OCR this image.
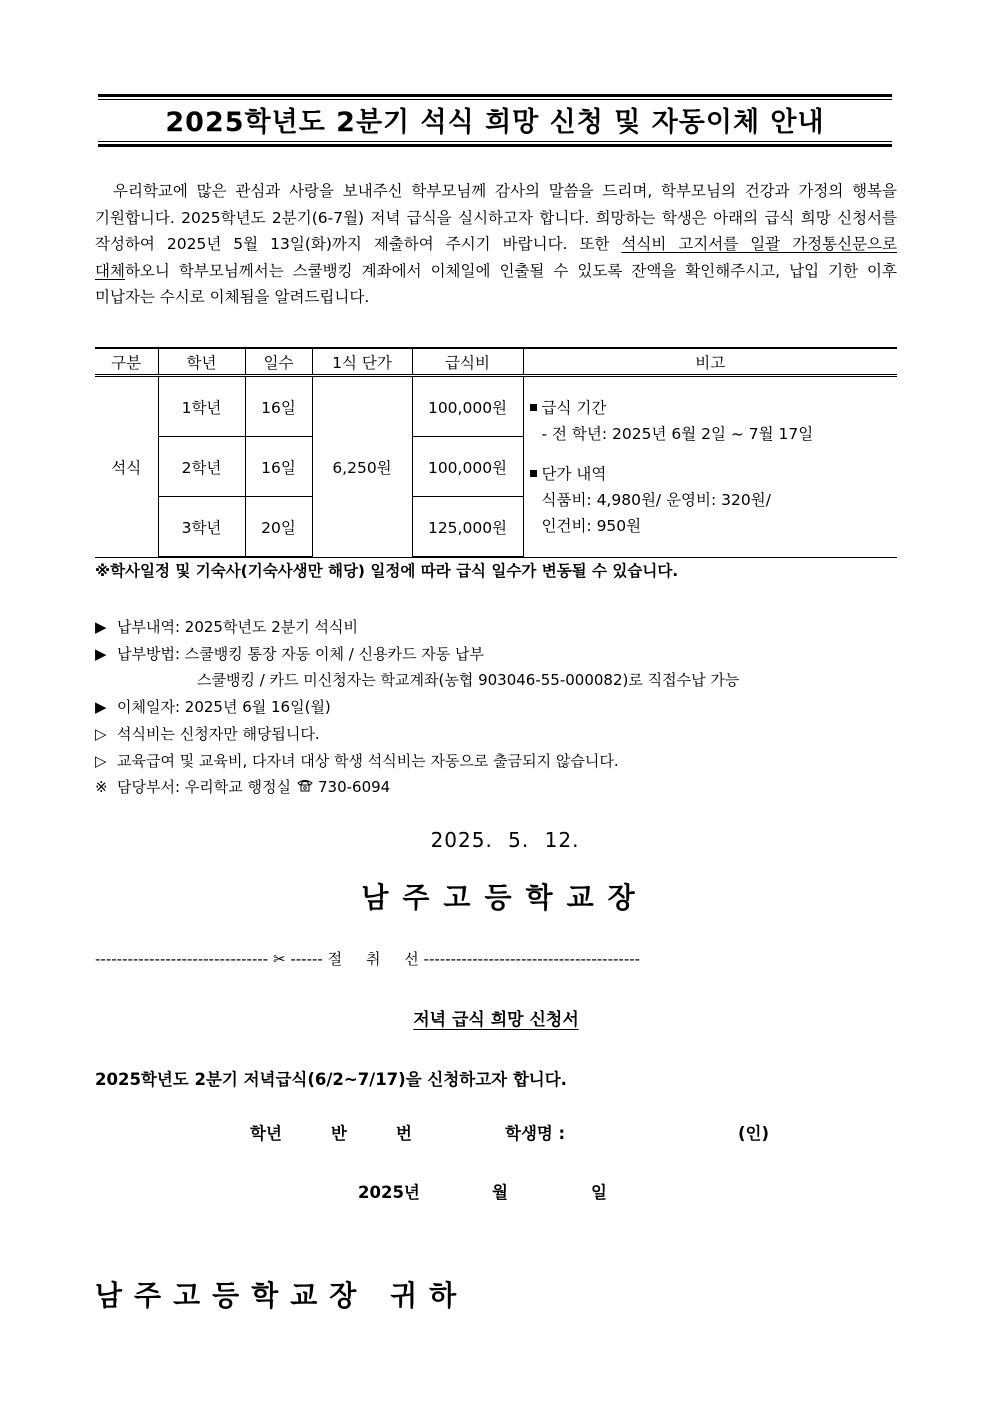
2025학년도 2분기 석식 희망 신청 및 자동이체 안내
우리학교에 많은 관심과 사랑을 보내주신 학부모님께 감사의 말씀을 드리며, 학부모님의 건강과 가정의 행복을 기원합니다. 2025학년도 2분기(6-7월) 저녁 급식을 실시하고자 합니다. 희망하는 학생은 아래의 급식 희망 신청서를 작성하여 2025년 5월 13일(화)까지 제출하여 주시기 바랍니다. 또한 석식비 고지서를 일괄 가정통신문으로 대체하오니 학부모님께서는 스쿨뱅킹 계좌에서 이체일에 인출될 수 있도록 잔액을 확인해주시고, 납입 기한 이후 미납자는 수시로 이체됨을 알려드립니다.
구분	학년	일수	1식 단가	급식비	비고
석식	1학년	16일	6,250원	100,000원	급식 기간
- 전 학년: 2025년 6월 2일 ~ 7월 17일
단가 내역
식품비: 4,980원/ 운영비: 320원/
인건비: 950원

	2학년	16일		100,000원	
	3학년	20일		125,000원	
※학사일정 및 기숙사(기숙사생만 해당) 일정에 따라 급식 일수가 변동될 수 있습니다.
▶ 납부내역: 2025학년도 2분기 석식비
▶ 납부방법: 스쿨뱅킹 통장 자동 이체 / 신용카드 자동 납부
스쿨뱅킹 / 카드 미신청자는 학교계좌(농협 903046-55-000082)로 직접수납 가능
▶ 이체일자: 2025년 6월 16일(월)
▷ 석식비는 신청자만 해당됩니다.
▷ 교육급여 및 교육비, 다자녀 대상 학생 석식비는 자동으로 출금되지 않습니다.
※ 담당부서: 우리학교 행정실 730-6094
2025. 5. 12.
남주고등학교장
-------------------------------- ✂ ------ 절     취     선 ----------------------------------------
저녁 급식 희망 신청서
2025학년도 2분기 저녁급식(6/2~7/17)을 신청하고자 합니다.
학년	반	번	학생명 :	(인)
2025년	월	일
남주고등학교장 귀하
